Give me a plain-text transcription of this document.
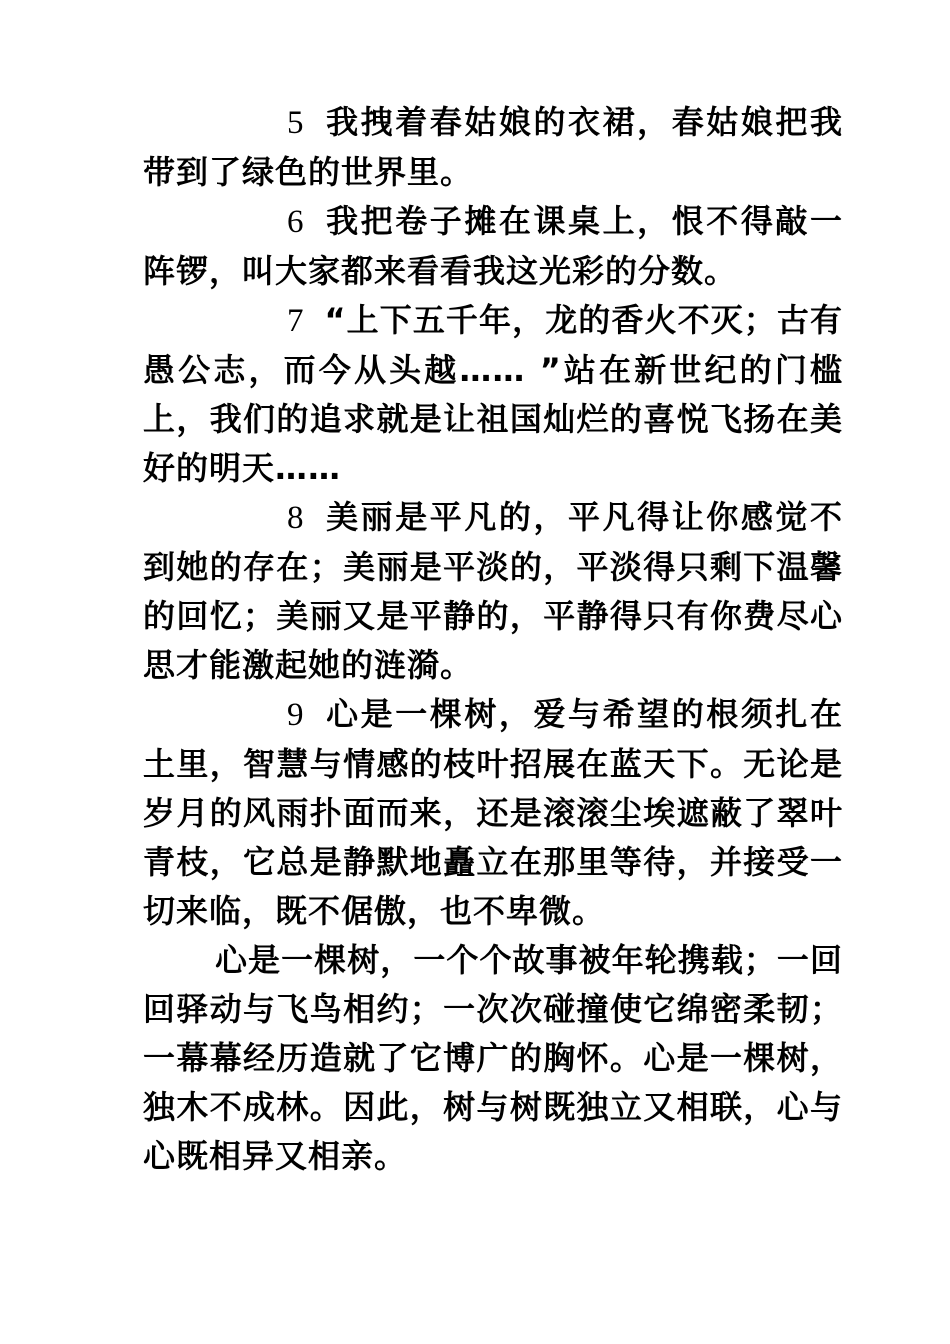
5 我拽着春姑娘的衣裙，春姑娘把我带到了绿色的世界里。

6 我把卷子摊在课桌上，恨不得敲一阵锣，叫大家都来看看我这光彩的分数。

7 “上下五千年，龙的香火不灭；古有愚公志，而今从头越…… ”站在新世纪的门槛上，我们的追求就是让祖国灿烂的喜悦飞扬在美好的明天……

8 美丽是平凡的，平凡得让你感觉不到她的存在；美丽是平淡的，平淡得只剩下温馨的回忆；美丽又是平静的，平静得只有你费尽心思才能激起她的涟漪。

9 心是一棵树，爱与希望的根须扎在土里，智慧与情感的枝叶招展在蓝天下。无论是岁月的风雨扑面而来，还是滚滚尘埃遮蔽了翠叶青枝，它总是静默地矗立在那里等待，并接受一切来临，既不倨傲，也不卑微。

心是一棵树，一个个故事被年轮携载；一回回驿动与飞鸟相约；一次次碰撞使它绵密柔韧；一幕幕经历造就了它博广的胸怀。心是一棵树，独木不成林。因此，树与树既独立又相联，心与心既相异又相亲。
